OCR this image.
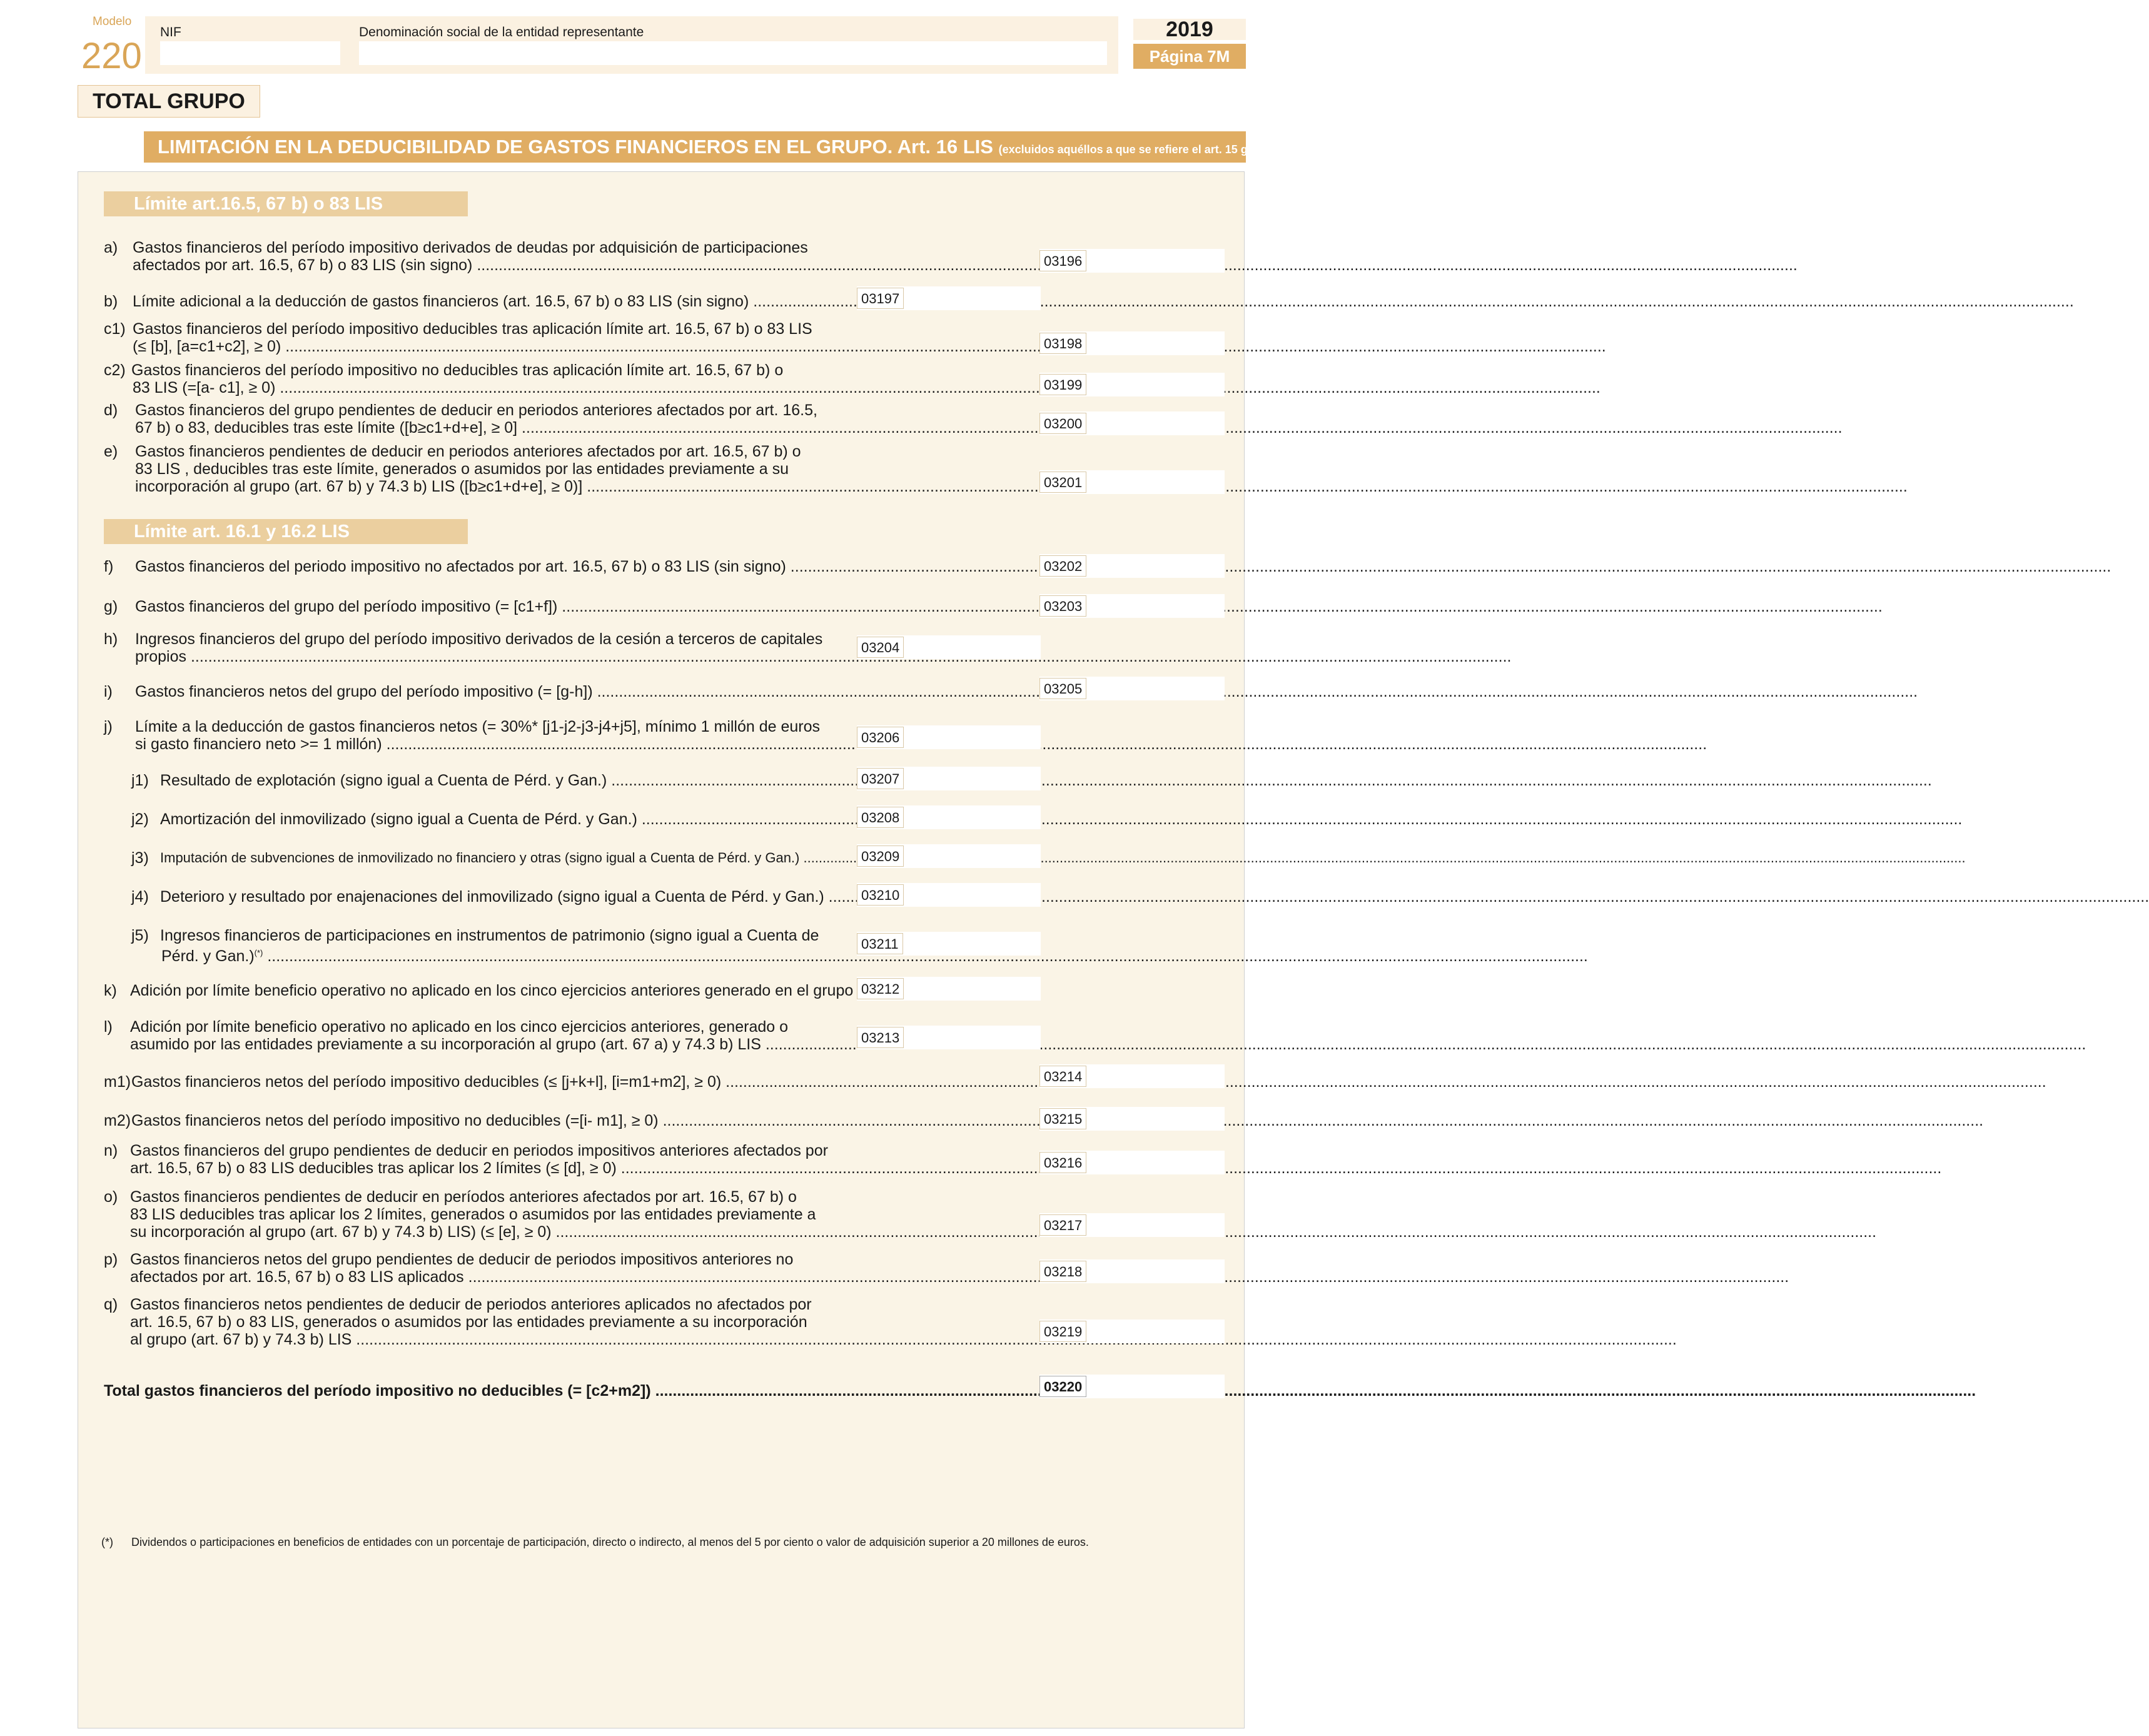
Modelo
220
NIF	Denominación social de la entidad representante	2019
Página 7M
TOTAL GRUPO
LIMITACIÓN EN LA DEDUCIBILIDAD DE GASTOS FINANCIEROS EN EL GRUPO. Art. 16 LIS (excluidos aquéllos a que se refiere el art. 15 g), h) y j) LIS)
Límite art.16.5, 67 b) o 83 LIS
a) Gastos financieros del período impositivo derivados de deudas por adquisición de participaciones
afectados por art. 16.5, 67 b) o 83 LIS (sin signo) .....	03196
b) Límite adicional a la deducción de gastos financieros (art. 16.5, 67 b) o 83 LIS (sin signo) .....	03197
c1) Gastos financieros del período impositivo deducibles tras aplicación límite art. 16.5, 67 b) o 83 LIS
(≤ [b], [a=c1+c2], ≥ 0) .....	03198
c2) Gastos financieros del período impositivo no deducibles tras aplicación límite art. 16.5, 67 b) o
83 LIS (=[a- c1], ≥ 0) .....	03199
d) Gastos financieros del grupo pendientes de deducir en periodos anteriores afectados por art. 16.5,
67 b) o 83, deducibles tras este límite ([b≥c1+d+e], ≥ 0] .....	03200
e) Gastos financieros pendientes de deducir en periodos anteriores afectados por art. 16.5, 67 b) o
83 LIS , deducibles tras este límite, generados o asumidos por las entidades previamente a su
incorporación al grupo (art. 67 b) y 74.3 b) LIS ([b≥c1+d+e], ≥ 0)] .....	03201
Límite art. 16.1 y 16.2 LIS
f) Gastos financieros del periodo impositivo no afectados por art. 16.5, 67 b) o 83 LIS (sin signo) .....	03202
g) Gastos financieros del grupo del período impositivo (= [c1+f]) .....	03203
h) Ingresos financieros del grupo del período impositivo derivados de la cesión a terceros de capitales
propios .....
03204
i) Gastos financieros netos del grupo del período impositivo (= [g-h]) .....	03205
j) Límite a la deducción de gastos financieros netos (= 30%* [j1-j2-j3-j4+j5], mínimo 1 millón de euros
si gasto financiero neto >= 1 millón) .....	03206
j1) Resultado de explotación (signo igual a Cuenta de Pérd. y Gan.) .....	03207
j2) Amortización del inmovilizado (signo igual a Cuenta de Pérd. y Gan.) .....	03208
j3) Imputación de subvenciones de inmovilizado no financiero y otras (signo igual a Cuenta de Pérd. y Gan.) .....	03209
j4) Deterioro y resultado por enajenaciones del inmovilizado (signo igual a Cuenta de Pérd. y Gan.) .....	03210
j5) Ingresos financieros de participaciones en instrumentos de patrimonio (signo igual a Cuenta de
Pérd. y Gan.)(*) .....
03211
k) Adición por límite beneficio operativo no aplicado en los cinco ejercicios anteriores generado en el grupo 03212
l) Adición por límite beneficio operativo no aplicado en los cinco ejercicios anteriores, generado o
asumido por las entidades previamente a su incorporación al grupo (art. 67 a) y 74.3 b) LIS .....	03213
m1) Gastos financieros netos del período impositivo deducibles (≤ [j+k+l], [i=m1+m2], ≥ 0) .....	03214
m2) Gastos financieros netos del período impositivo no deducibles (=[i- m1], ≥ 0) .....	03215
n) Gastos financieros del grupo pendientes de deducir en periodos impositivos anteriores afectados por
art. 16.5, 67 b) o 83 LIS deducibles tras aplicar los 2 límites (≤ [d], ≥ 0) .....	03216
o) Gastos financieros pendientes de deducir en períodos anteriores afectados por art. 16.5, 67 b) o
83 LIS deducibles tras aplicar los 2 límites, generados o asumidos por las entidades previamente a
su incorporación al grupo (art. 67 b) y 74.3 b) LIS) (≤ [e], ≥ 0) .....	03217
p) Gastos financieros netos del grupo pendientes de deducir de periodos impositivos anteriores no
afectados por art. 16.5, 67 b) o 83 LIS aplicados .....	03218
q) Gastos financieros netos pendientes de deducir de periodos anteriores aplicados no afectados por
art. 16.5, 67 b) o 83 LIS, generados o asumidos por las entidades previamente a su incorporación
al grupo (art. 67 b) y 74.3 b) LIS .....	03219
Total gastos financieros del período impositivo no deducibles (= [c2+m2]) .....	03220
(*) Dividendos o participaciones en beneficios de entidades con un porcentaje de participación, directo o indirecto, al menos del 5 por ciento o valor de adquisición superior a 20 millones de euros.
